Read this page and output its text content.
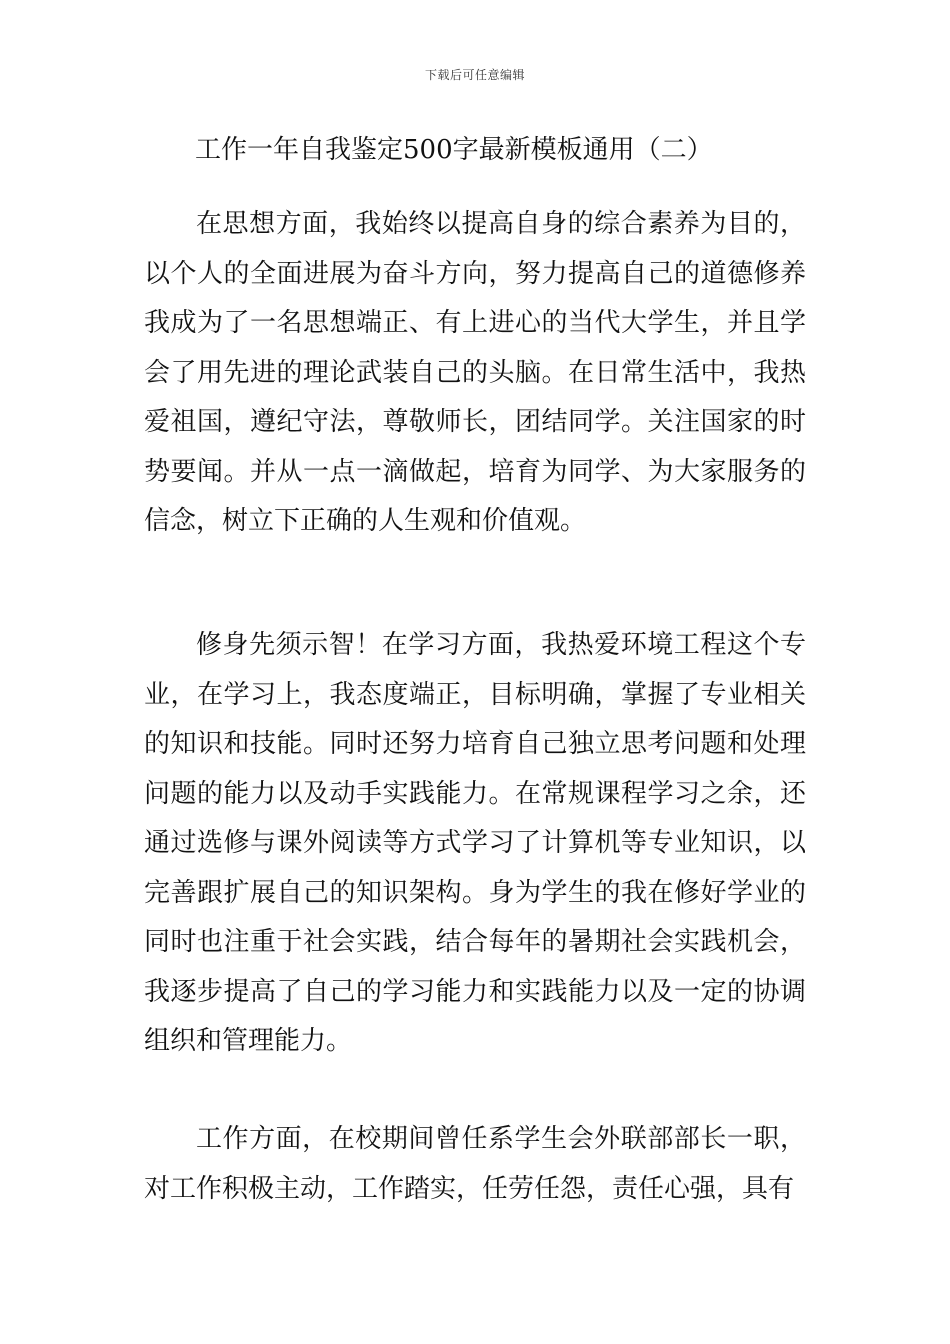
下载后可任意编辑
工作一年自我鉴定500字最新模板通用（二）

在思想方面，我始终以提高自身的综合素养为目的，以个人的全面进展为奋斗方向，努力提高自己的道德修养我成为了一名思想端正、有上进心的当代大学生，并且学会了用先进的理论武装自己的头脑。在日常生活中，我热爱祖国，遵纪守法，尊敬师长，团结同学。关注国家的时势要闻。并从一点一滴做起，培育为同学、为大家服务的信念，树立下正确的人生观和价值观。

修身先须示智！在学习方面，我热爱环境工程这个专业，在学习上，我态度端正，目标明确，掌握了专业相关的知识和技能。同时还努力培育自己独立思考问题和处理问题的能力以及动手实践能力。在常规课程学习之余，还通过选修与课外阅读等方式学习了计算机等专业知识，以完善跟扩展自己的知识架构。身为学生的我在修好学业的同时也注重于社会实践，结合每年的暑期社会实践机会，我逐步提高了自己的学习能力和实践能力以及一定的协调组织和管理能力。

工作方面，在校期间曾任系学生会外联部部长一职，对工作积极主动，工作踏实，任劳任怨，责任心强，具有
